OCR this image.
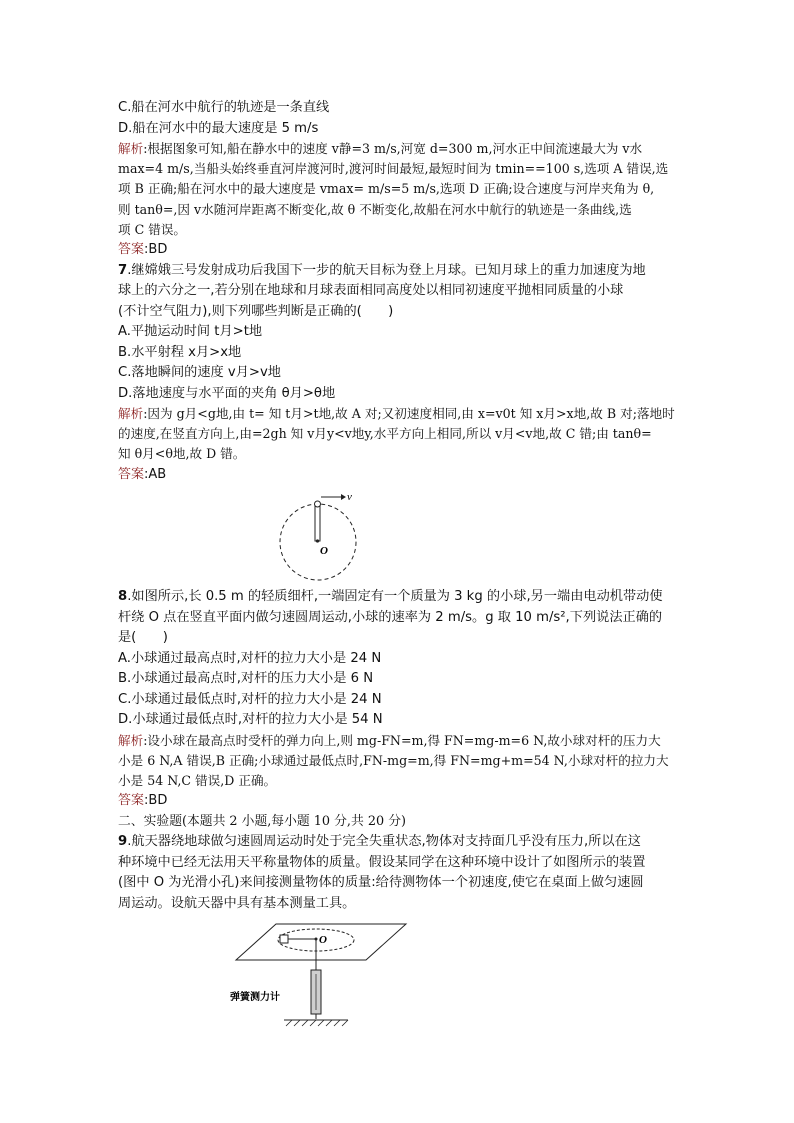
C.船在河水中航行的轨迹是一条直线
D.船在河水中的最大速度是 5 m/s
解析:根据图象可知,船在静水中的速度 v静=3 m/s,河宽 d=300 m,河水正中间流速最大为 v水
max=4 m/s,当船头始终垂直河岸渡河时,渡河时间最短,最短时间为 tmin==100 s,选项 A 错误,选
项 B 正确;船在河水中的最大速度是 vmax= m/s=5 m/s,选项 D 正确;设合速度与河岸夹角为 θ,
则 tanθ=,因 v水随河岸距离不断变化,故 θ 不断变化,故船在河水中航行的轨迹是一条曲线,选
项 C 错误。
答案:BD
7.继嫦娥三号发射成功后我国下一步的航天目标为登上月球。已知月球上的重力加速度为地
球上的六分之一,若分别在地球和月球表面相同高度处以相同初速度平抛相同质量的小球
(不计空气阻力),则下列哪些判断是正确的(　　)
A.平抛运动时间 t月>t地
B.水平射程 x月>x地
C.落地瞬间的速度 v月>v地
D.落地速度与水平面的夹角 θ月>θ地
解析:因为 g月<g地,由 t= 知 t月>t地,故 A 对;又初速度相同,由 x=v0t 知 x月>x地,故 B 对;落地时
的速度,在竖直方向上,由=2gh 知 v月y<v地y,水平方向上相同,所以 v月<v地,故 C 错;由 tanθ=
知 θ月<θ地,故 D 错。
答案:AB
v
O
8.如图所示,长 0.5 m 的轻质细杆,一端固定有一个质量为 3 kg 的小球,另一端由电动机带动使
杆绕 O 点在竖直平面内做匀速圆周运动,小球的速率为 2 m/s。g 取 10 m/s²,下列说法正确的
是(　　)
A.小球通过最高点时,对杆的拉力大小是 24 N
B.小球通过最高点时,对杆的压力大小是 6 N
C.小球通过最低点时,对杆的拉力大小是 24 N
D.小球通过最低点时,对杆的拉力大小是 54 N
解析:设小球在最高点时受杆的弹力向上,则 mg-FN=m,得 FN=mg-m=6 N,故小球对杆的压力大
小是 6 N,A 错误,B 正确;小球通过最低点时,FN-mg=m,得 FN=mg+m=54 N,小球对杆的拉力大
小是 54 N,C 错误,D 正确。
答案:BD
二、实验题(本题共 2 小题,每小题 10 分,共 20 分)
9.航天器绕地球做匀速圆周运动时处于完全失重状态,物体对支持面几乎没有压力,所以在这
种环境中已经无法用天平称量物体的质量。假设某同学在这种环境中设计了如图所示的装置
(图中 O 为光滑小孔)来间接测量物体的质量:给待测物体一个初速度,使它在桌面上做匀速圆
周运动。设航天器中具有基本测量工具。
O
弹簧测力计
